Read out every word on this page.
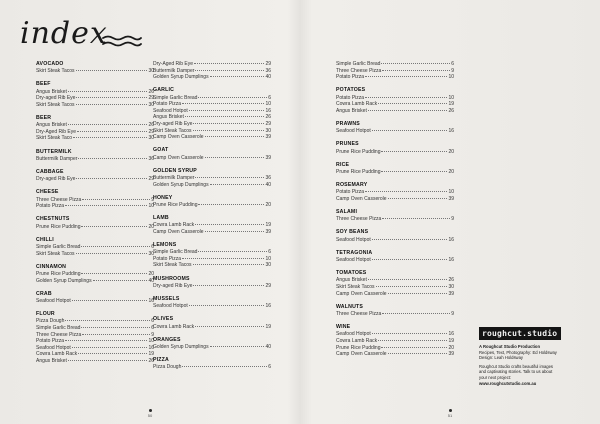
index
AVOCADO
Skirt Steak Tacos	30
BEEF
Angus Brisket	26
Dry-aged Rib Eye	29
Skirt Steak Tacos	30
BEER
Angus Brisket	26
Dry-Aged Rib Eye	29
Skirt Steak Taco	30
BUTTERMILK
Buttermilk Damper	36
CABBAGE
Dry-aged Rib Eye	29
CHEESE
Three Cheese Pizza	9
Potato Pizza	10
CHESTNUTS
Prune Rice Pudding	20
CHILLI
Simple Garlic Bread	6
Skirt Steak Tacos	30
CINNAMON
Prune Rice Pudding	20
Golden Syrup Dumplings	40
CRAB
Seafood Hotpot	16
FLOUR
Pizza Dough	6
Simple Garlic Bread	6
Three Cheese Pizza	9
Potato Pizza	10
Seafood Hotpot	16
Cowra Lamb Rack	19
Angus Brisket	26
Dry-Aged Rib Eye	29
Buttermilk Damper	36
Golden Syrup Dumplings	40
GARLIC
Simple Garlic Bread	6
Potato Pizza	10
Seafood Hotpot	16
Angus Brisket	26
Dry-aged Rib Eye	29
Skirt Steak Tacos	30
Camp Oven Casserole	39
GOAT
Camp Oven Casserole	39
GOLDEN SYRUP
Buttermilk Damper	36
Golden Syrup Dumplings	40
HONEY
Prune Rice Pudding	20
LAMB
Cowra Lamb Rack	19
Camp Oven Casserole	39
LEMONS
Simple Garlic Bread	6
Potato Pizza	10
Skirt Steak Tacos	30
MUSHROOMS
Dry-aged Rib Eye	29
MUSSELS
Seafood Hotpot	16
OLIVES
Cowra Lamb Rack	19
ORANGES
Golden Syrup Dumplings	40
PIZZA
Pizza Dough	6
Simple Garlic Bread	6
Three Cheese Pizza	9
Potato Pizza	10
POTATOES
Potato Pizza	10
Cowra Lamb Rack	19
Angus Brisket	26
PRAWNS
Seafood Hotpot	16
PRUNES
Prune Rice Pudding	20
RICE
Prune Rice Pudding	20
ROSEMARY
Potato Pizza	10
Camp Oven Casserole	39
SALAMI
Three Cheese Pizza	9
SOY BEANS
Seafood Hotpot	16
TETRAGONIA
Seafood Hotpot	16
TOMATOES
Angus Brisket	26
Skirt Steak Tacos	30
Camp Oven Casserole	39
WALNUTS
Three Cheese Pizza	9
WINE
Seafood Hotpot	16
Cowra Lamb Rack	19
Prune Rice Pudding	20
Camp Oven Casserole	39
50	51
roughcut.studio
A Roughcut Studio Production
Recipes, Text, Photography: Ed Holdsway
Design: Leah Holdsway
Roughcut Studio crafts beautiful images
and captivating stories. Talk to us about
your next project:
www.roughcutstudio.com.au
